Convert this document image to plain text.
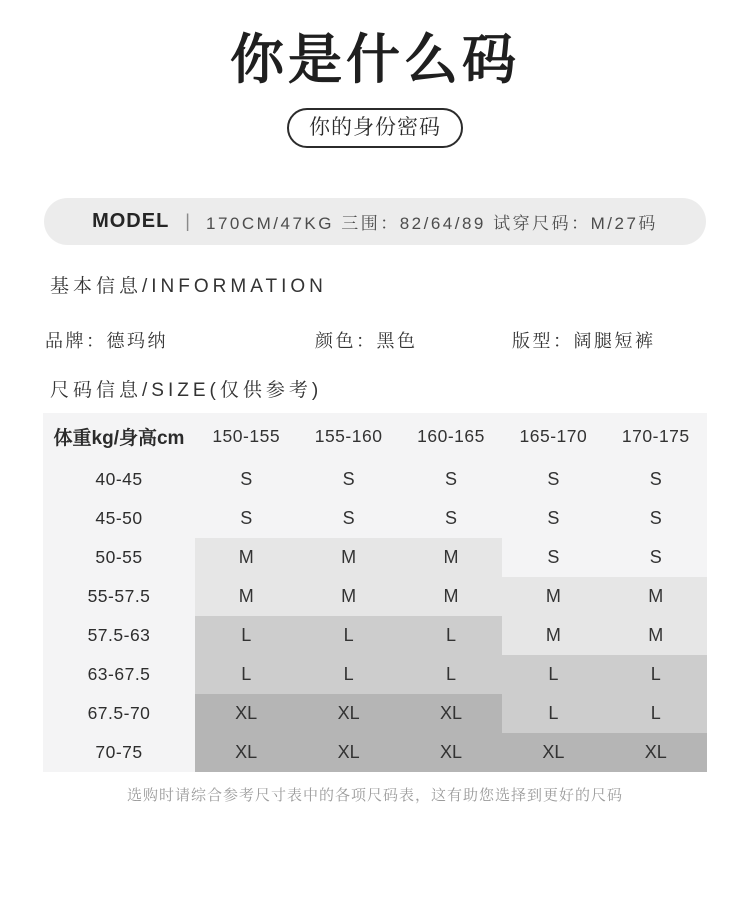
你是什么码
你的身份密码
MODEL | 170CM/47KG 三围：82/64/89 试穿尺码：M/27码
基本信息/INFORMATION
品牌：德玛纳	颜色：黑色	版型：阔腿短裤
尺码信息/SIZE(仅供参考)
体重kg/身高cm	150-155	155-160	160-165	165-170	170-175
40-45	S	S	S	S	S
45-50	S	S	S	S	S
50-55	M	M	M	S	S
55-57.5	M	M	M	M	M
57.5-63	L	L	L	M	M
63-67.5	L	L	L	L	L
67.5-70	XL	XL	XL	L	L
70-75	XL	XL	XL	XL	XL
选购时请综合参考尺寸表中的各项尺码表，这有助您选择到更好的尺码
